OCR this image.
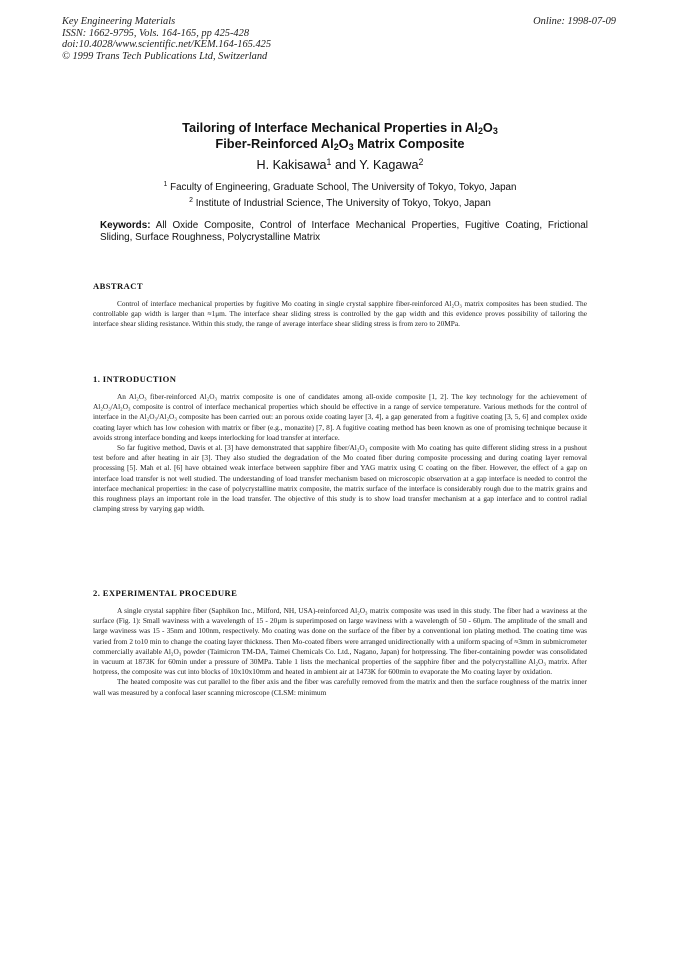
Key Engineering Materials
ISSN: 1662-9795, Vols. 164-165, pp 425-428
doi:10.4028/www.scientific.net/KEM.164-165.425
© 1999 Trans Tech Publications Ltd, Switzerland
Online: 1998-07-09
Tailoring of Interface Mechanical Properties in $Al_2O_3$
Fiber-Reinforced $Al_2O_3$ Matrix Composite
H. Kakisawa$^1$ and Y. Kagawa$^2$
$^1$ Faculty of Engineering, Graduate School, The University of Tokyo, Tokyo, Japan
$^2$ Institute of Industrial Science, The University of Tokyo, Tokyo, Japan
Keywords: All Oxide Composite, Control of Interface Mechanical Properties, Fugitive Coating, Frictional Sliding, Surface Roughness, Polycrystalline Matrix
ABSTRACT

Control of interface mechanical properties by fugitive Mo coating in single crystal sapphire fiber-reinforced Al₂O₃ matrix composites has been studied. The controllable gap width is larger than ≈1μm. The interface shear sliding stress is controlled by the gap width and this evidence proves possibility of tailoring the interface shear sliding resistance. Within this study, the range of average interface shear sliding stress is from zero to 20MPa.

1. INTRODUCTION

An Al₂O₃ fiber-reinforced Al₂O₃ matrix composite is one of candidates among all-oxide composite [1, 2]. The key technology for the achievement of Al₂O₃/Al₂O₃ composite is control of interface mechanical properties which should be effective in a range of service temperature. Various methods for the control of interface in the Al₂O₃/Al₂O₃ composite has been carried out: an porous oxide coating layer [3, 4], a gap generated from a fugitive coating [3, 5, 6] and complex oxide coating layer which has low cohesion with matrix or fiber (e.g., monazite) [7, 8]. A fugitive coating method has been known as one of promising technique because it avoids strong interface bonding and keeps interlocking for load transfer at interface.

So far fugitive method, Davis et al. [3] have demonstrated that sapphire fiber/Al₂O₃ composite with Mo coating has quite different sliding stress in a pushout test before and after heating in air [3]. They also studied the degradation of the Mo coated fiber during composite processing and during coating layer removal processing [5]. Mah et al. [6] have obtained weak interface between sapphire fiber and YAG matrix using C coating on the fiber. However, the effect of a gap on interface load transfer is not well studied. The understanding of load transfer mechanism based on microscopic observation at a gap interface is needed to control the interface mechanical properties: in the case of polycrystalline matrix composite, the matrix surface of the interface is considerably rough due to the matrix grains and this roughness plays an important role in the load transfer. The objective of this study is to show load transfer mechanism at a gap interface and to control radial clamping stress by varying gap width.

2. EXPERIMENTAL PROCEDURE

A single crystal sapphire fiber (Saphikon Inc., Milford, NH, USA)-reinforced Al₂O₃ matrix composite was used in this study. The fiber had a waviness at the surface (Fig. 1): Small waviness with a wavelength of 15 - 20μm is superimposed on large waviness with a wavelength of 50 - 60μm. The amplitude of the small and large waviness was 15 - 35nm and 100nm, respectively. Mo coating was done on the surface of the fiber by a conventional ion plating method. The coating time was varied from 2 to10 min to change the coating layer thickness. Then Mo-coated fibers were arranged unidirectionally with a uniform spacing of ≈3mm in submicrometer commercially available Al₂O₃ powder (Taimicron TM-DA, Taimei Chemicals Co. Ltd., Nagano, Japan) for hotpressing. The fiber-containing powder was consolidated in vacuum at 1873K for 60min under a pressure of 30MPa. Table 1 lists the mechanical properties of the sapphire fiber and the polycrystalline Al₂O₃ matrix. After hotpress, the composite was cut into blocks of 10x10x10mm and heated in ambient air at 1473K for 600min to evaporate the Mo coating layer by oxidation.

The heated composite was cut parallel to the fiber axis and the fiber was carefully removed from the matrix and then the surface roughness of the matrix inner wall was measured by a confocal laser scanning microscope (CLSM: minimum
